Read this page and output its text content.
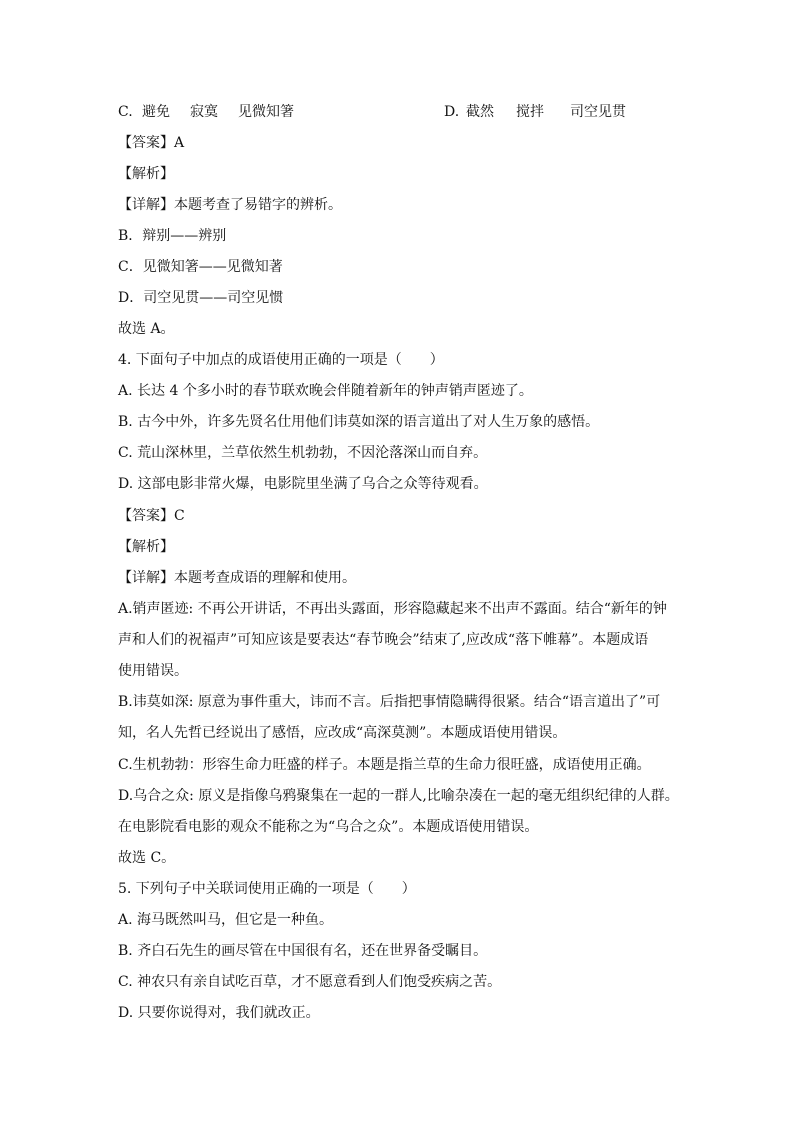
C. 避免 寂寞 见微知箸	D. 截然 搅拌 司空见贯
【答案】A
【解析】
【详解】本题考查了易错字的辨析。
B．辩别——辨别
C．见微知箸——见微知著
D．司空见贯——司空见惯
故选 A。
4. 下面句子中加点的成语使用正确的一项是（　　）
A. 长达 4 个多小时的春节联欢晚会伴随着新年的钟声销声匿迹了。
B. 古今中外，许多先贤名仕用他们讳莫如深的语言道出了对人生万象的感悟。
C. 荒山深林里，兰草依然生机勃勃，不因沦落深山而自弃。
D. 这部电影非常火爆，电影院里坐满了乌合之众等待观看。
【答案】C
【解析】
【详解】本题考查成语的理解和使用。
A.销声匿迹: 不再公开讲话，不再出头露面，形容隐藏起来不出声不露面。结合“新年的钟
声和人们的祝福声”可知应该是要表达“春节晚会”结束了,应改成“落下帷幕”。本题成语
使用错误。
B.讳莫如深: 原意为事件重大，讳而不言。后指把事情隐瞒得很紧。结合“语言道出了”可
知，名人先哲已经说出了感悟，应改成“高深莫测”。本题成语使用错误。
C.生机勃勃：形容生命力旺盛的样子。本题是指兰草的生命力很旺盛，成语使用正确。
D.乌合之众: 原义是指像乌鸦聚集在一起的一群人,比喻杂凑在一起的毫无组织纪律的人群。
在电影院看电影的观众不能称之为“乌合之众”。本题成语使用错误。
故选 C。
5. 下列句子中关联词使用正确的一项是（　　）
A. 海马既然叫马，但它是一种鱼。
B. 齐白石先生的画尽管在中国很有名，还在世界备受瞩目。
C. 神农只有亲自试吃百草，才不愿意看到人们饱受疾病之苦。
D. 只要你说得对，我们就改正。
